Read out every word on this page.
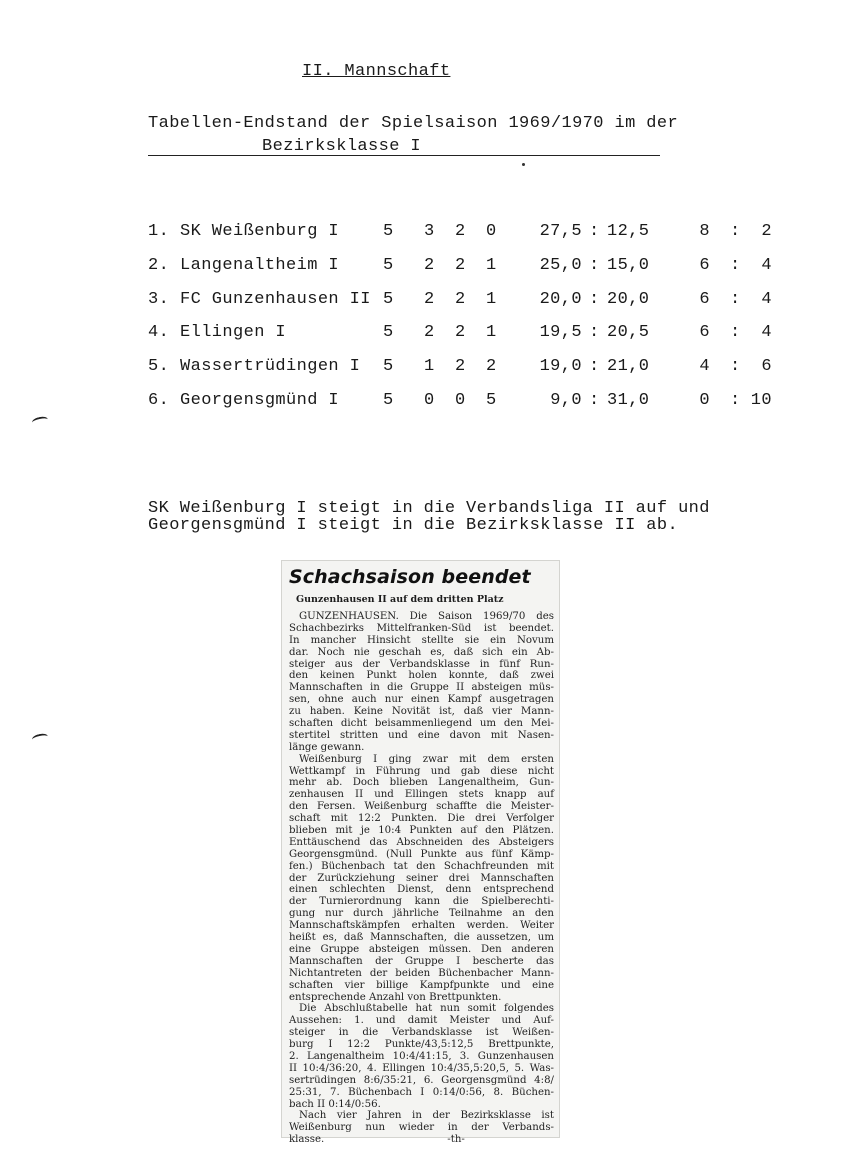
II. Mannschaft
Tabellen-Endstand der Spielsaison 1969/1970 im der
Bezirksklasse I
1. SK Weißenburg I	5 3 2 0	27,5 : 12,5	8 :	2
2. Langenaltheim I	5 2 2 1	25,0 : 15,0	6 :	4
3. FC Gunzenhausen II 5 2 2 1	20,0 : 20,0	6 :	4
4. Ellingen I	5 2 2 1	19,5 : 20,5	6 :	4
5. Wassertrüdingen I 5 1 2 2	19,0 : 21,0	4 :	6
6. Georgensgmünd I	5 0 0 5	9,0 : 31,0	0 : 10
SK Weißenburg I steigt in die Verbandsliga II auf und
Georgensgmünd I steigt in die Bezirksklasse II ab.
Schachsaison beendet
Gunzenhausen II auf dem dritten Platz
GUNZENHAUSEN. Die Saison 1969/70 des
Schachbezirks Mittelfranken-Süd ist beendet.
In mancher Hinsicht stellte sie ein Novum
dar. Noch nie geschah es, daß sich ein Ab-
steiger aus der Verbandsklasse in fünf Run-
den keinen Punkt holen konnte, daß zwei
Mannschaften in die Gruppe II absteigen müs-
sen, ohne auch nur einen Kampf ausgetragen
zu haben. Keine Novität ist, daß vier Mann-
schaften dicht beisammenliegend um den Mei-
stertitel stritten und eine davon mit Nasen-
länge gewann.
Weißenburg I ging zwar mit dem ersten
Wettkampf in Führung und gab diese nicht
mehr ab. Doch blieben Langenaltheim, Gun-
zenhausen II und Ellingen stets knapp auf
den Fersen. Weißenburg schaffte die Meister-
schaft mit 12:2 Punkten. Die drei Verfolger
blieben mit je 10:4 Punkten auf den Plätzen.
Enttäuschend das Abschneiden des Absteigers
Georgensgmünd. (Null Punkte aus fünf Kämp-
fen.) Büchenbach tat den Schachfreunden mit
der Zurückziehung seiner drei Mannschaften
einen schlechten Dienst, denn entsprechend
der Turnierordnung kann die Spielberechti-
gung nur durch jährliche Teilnahme an den
Mannschaftskämpfen erhalten werden. Weiter
heißt es, daß Mannschaften, die aussetzen, um
eine Gruppe absteigen müssen. Den anderen
Mannschaften der Gruppe I bescherte das
Nichtantreten der beiden Büchenbacher Mann-
schaften vier billige Kampfpunkte und eine
entsprechende Anzahl von Brettpunkten.
Die Abschlußtabelle hat nun somit folgendes
Aussehen: 1. und damit Meister und Auf-
steiger in die Verbandsklasse ist Weißen-
burg I 12:2 Punkte/43,5:12,5 Brettpunkte,
2. Langenaltheim 10:4/41:15, 3. Gunzenhausen
II 10:4/36:20, 4. Ellingen 10:4/35,5:20,5, 5. Was-
sertrüdingen 8:6/35:21, 6. Georgensgmünd 4:8/
25:31, 7. Büchenbach I 0:14/0:56, 8. Büchen-
bach II 0:14/0:56.
Nach vier Jahren in der Bezirksklasse ist
Weißenburg nun wieder in der Verbands-
klasse.                                      -th-
